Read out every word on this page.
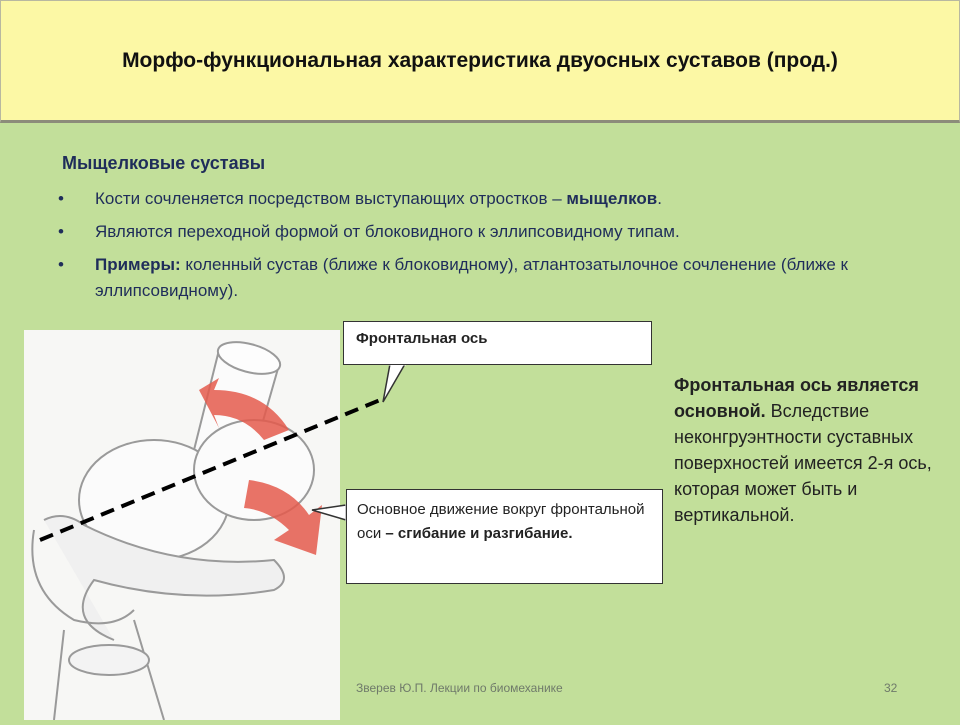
Морфо-функциональная характеристика двуосных суставов (прод.)
Мыщелковые суставы
• Кости сочленяется посредством выступающих отростков – мыщелков.
• Являются переходной формой от блоковидного к эллипсовидному типам.
• Примеры: коленный сустав (ближе к блоковидному), атлантозатылочное сочленение (ближе к эллипсовидному).
Фронтальная ось
Основное движение вокруг фронтальной оси – сгибание и разгибание.
Фронтальная ось является основной. Вследствие неконгруэнтности суставных поверхностей имеется 2-я ось, которая может быть и вертикальной.
Зверев Ю.П. Лекции по биомеханике	32
